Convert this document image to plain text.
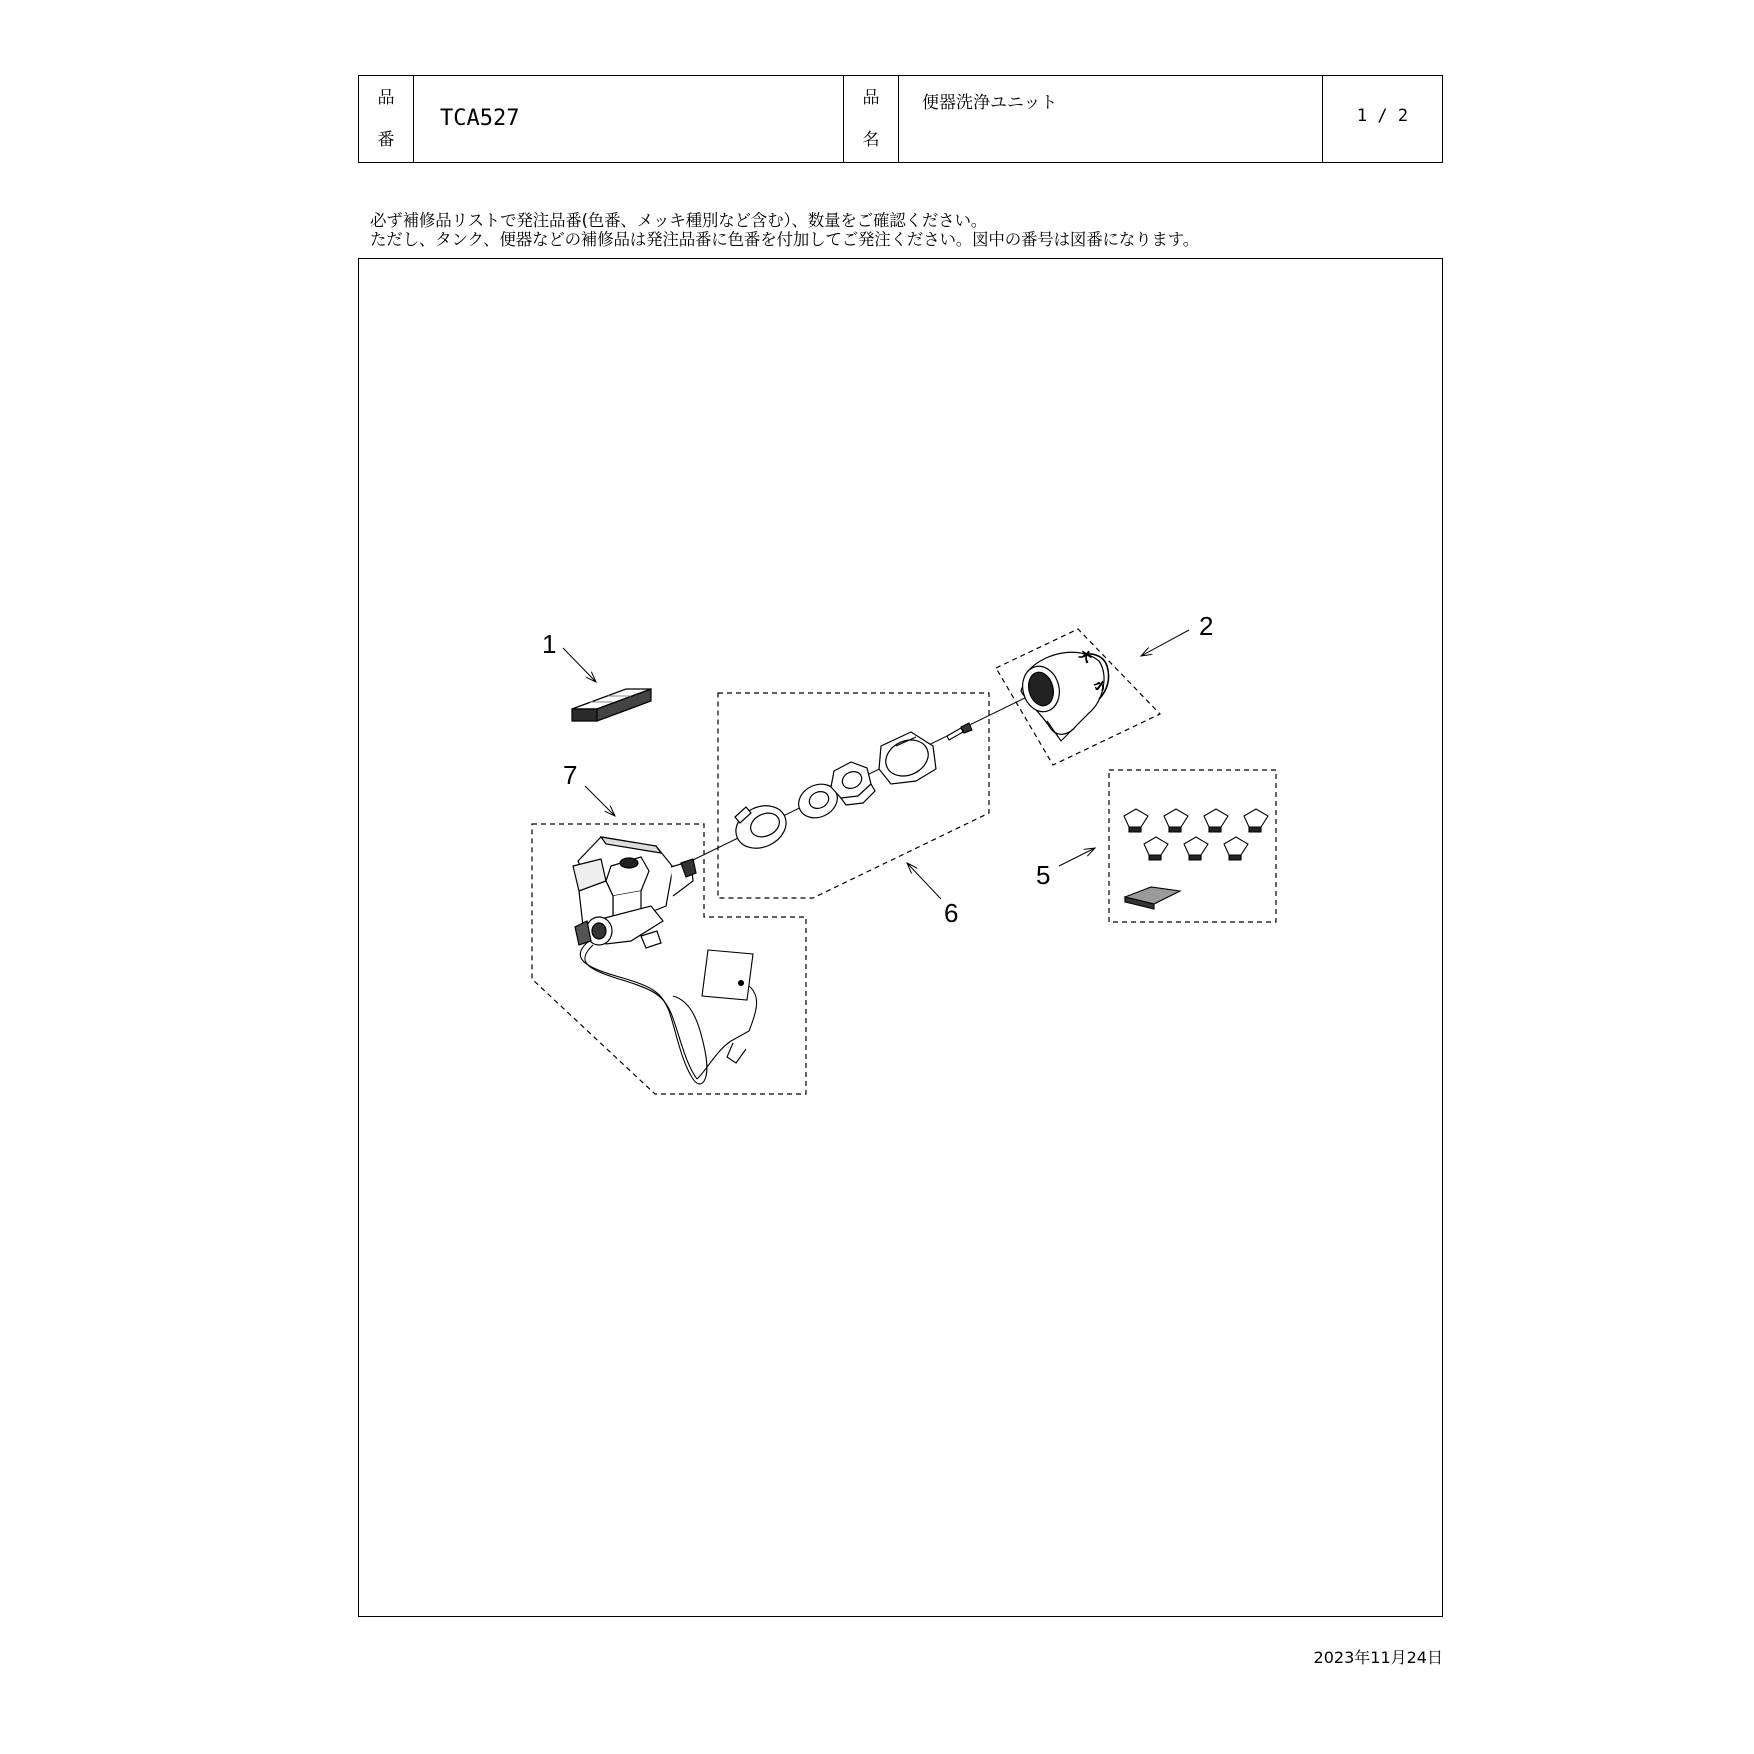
品
番
TCA527
品
名
便器洗浄ユニット
1 / 2
必ず補修品リストで発注品番(色番、メッキ種別など含む）、数量をご確認ください。
ただし、タンク、便器などの補修品は発注品番に色番を付加してご発注ください。図中の番号は図番になります。
大
小
1
2
5
6
7
2023年11月24日
